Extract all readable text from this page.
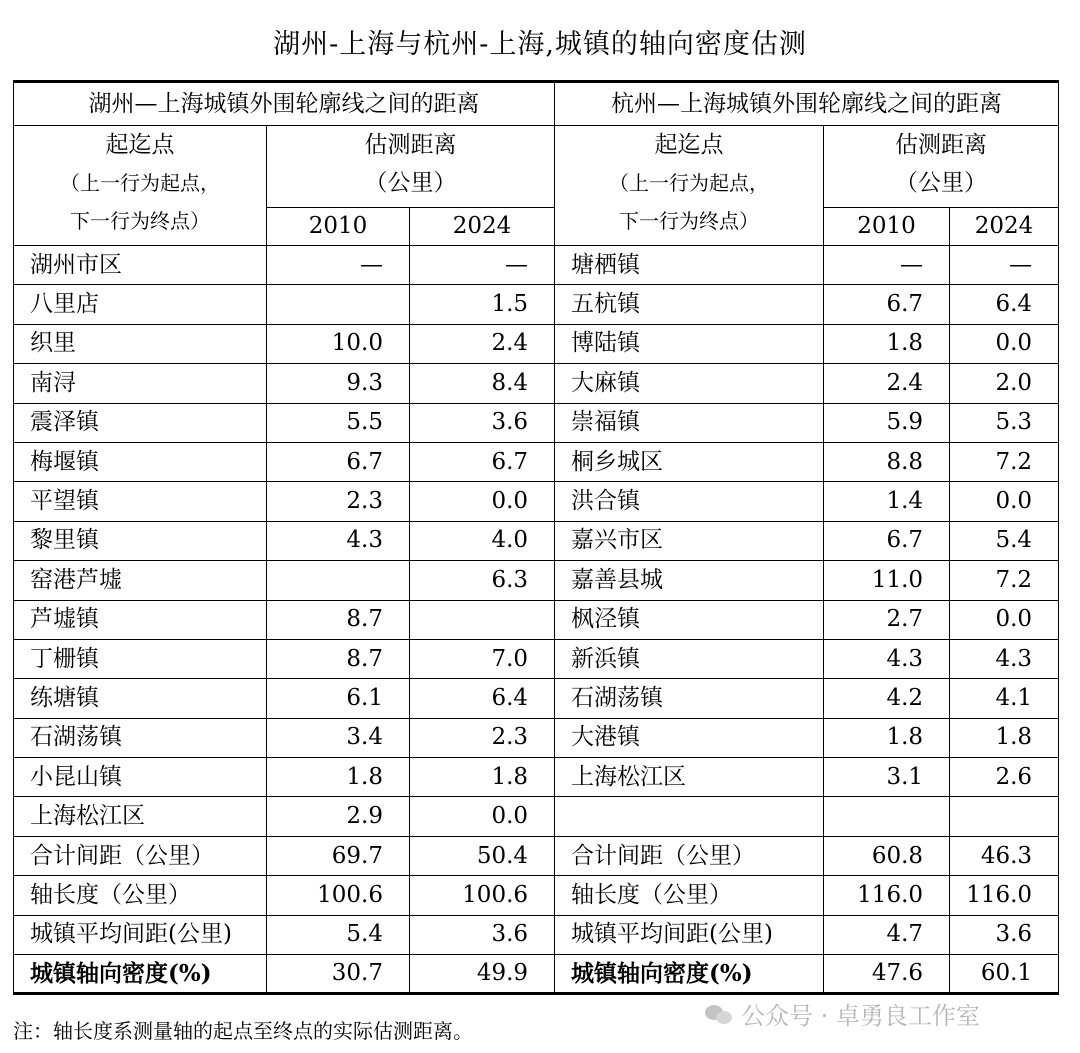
湖州-上海与杭州-上海,城镇的轴向密度估测
湖州—上海城镇外围轮廓线之间的距离			杭州—上海城镇外围轮廓线之间的距离		

起迄点
（上一行为起点，
下一行为终点）	估测距离
（公里）		起迄点
（上一行为起点，
下一行为终点）	估测距离
（公里）	

	2010	2024		2010	2024
湖州市区	—	—	塘栖镇	—	—
八里店		1.5	五杭镇	6.7	6.4
织里	10.0	2.4	博陆镇	1.8	0.0
南浔	9.3	8.4	大麻镇	2.4	2.0
震泽镇	5.5	3.6	崇福镇	5.9	5.3
梅堰镇	6.7	6.7	桐乡城区	8.8	7.2
平望镇	2.3	0.0	洪合镇	1.4	0.0
黎里镇	4.3	4.0	嘉兴市区	6.7	5.4
窑港芦墟		6.3	嘉善县城	11.0	7.2
芦墟镇	8.7		枫泾镇	2.7	0.0
丁栅镇	8.7	7.0	新浜镇	4.3	4.3
练塘镇	6.1	6.4	石湖荡镇	4.2	4.1
石湖荡镇	3.4	2.3	大港镇	1.8	1.8
小昆山镇	1.8	1.8	上海松江区	3.1	2.6
上海松江区	2.9	0.0			
合计间距（公里）	69.7	50.4	合计间距（公里）	60.8	46.3
轴长度（公里）	100.6	100.6	轴长度（公里）	116.0	116.0
城镇平均间距(公里)	5.4	3.6	城镇平均间距(公里)	4.7	3.6
城镇轴向密度(%)	30.7	49.9	城镇轴向密度(%)	47.6	60.1
注：轴长度系测量轴的起点至终点的实际估测距离。
公众号 · 卓勇良工作室
